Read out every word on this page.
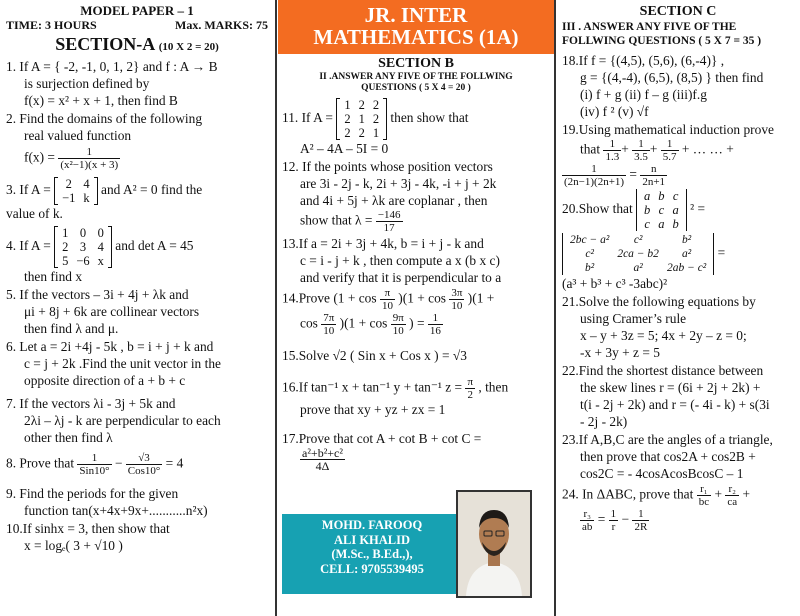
MODEL PAPER – 1
TIME: 3 HOURS	Max. MARKS: 75
SECTION-A (10 X 2 = 20)
1. If A = { -2, -1, 0, 1, 2} and f : A → B
is surjection defined by
f(x) = x² + x + 1, then find B
2. Find the domains of the following
real valued function
$f(x) = \frac{1}{\text{(x²−1)(x + 3)}}$
3. If A = 2	4
−1	k
and A² = 0 find the
value of k.
4. If A =
1	0	0
2	3	4
5	−6	x
and det A = 45
then find x
5. If the vectors – 3i + 4j + λk and
μi + 8j + 6k are collinear vectors
then find λ and μ.
6. Let a = 2i +4j - 5k , b = i + j + k and
c = j + 2k .Find the unit vector in the
opposite direction of a + b + c
7. If the vectors λi - 3j + 5k and
2λi – λj - k are perpendicular to each
other then find λ
8. Prove that $\frac{1}{\text{Sin10°}} - \frac{√3}{\text{Cos10°}} = 4$
9. Find the periods for the given
function tan(x+4x+9x+...........n²x)
10.If sinhx = 3, then show that
x = logₑ( 3 + √10 )
JR. INTER
MATHEMATICS (1A)
SECTION B
II .ANSWER ANY FIVE OF THE FOLLWING
QUESTIONS ( 5 X 4 = 20 )
11. If A =
1	2	2
2	1	2
2	2	1
then show that
A² – 4A – 5I = 0
12. If the points whose position vectors
are 3i - 2j - k, 2i + 3j - 4k, -i + j + 2k
and 4i + 5j + λk are coplanar , then
show that $\lambda = \frac{-146}{17}$
13.If a = 2i + 3j + 4k, b = i + j - k and
c = i - j + k , then compute a x (b x c)
and verify that it is perpendicular to a
14.Prove $(1 + \cos \frac{\pi}{10} )(1 + \cos \frac{3\pi}{10} )(1$ +
$\cos \frac{7\pi}{10} )(1 + \cos \frac{9\pi}{10}$ ) = $\frac{1}{16}$
15.Solve √2 ( Sin x + Cos x ) = √3
16.If tan⁻¹ x + tan⁻¹ y + tan⁻¹ $z = \frac{\pi}{2}$ , then
prove that xy + yz + zx = 1
17.Prove that cot A + cot B + cot C =
$\frac{\text{a²+b²+c²}}{4\Delta}$
MOHD. FAROOQ
ALI KHALID
(M.Sc., B.Ed.,),
CELL: 9705539495
SECTION C
III . ANSWER ANY FIVE OF THE
FOLLWING QUESTIONS ( 5 X 7 = 35 )
18.If f = {(4,5), (5,6), (6,-4)} ,
g = {(4,-4), (6,5), (8,5) } then find
(i) f + g (ii) f – g (iii)f.g
(iv) f ² (v) √f
19.Using mathematical induction prove
that $\frac{1}{1.3} + \frac{1}{3.5} + \frac{1}{5.7}$ + … … +
$\frac{1}{(2n-1)(2n+1)} = \frac{n}{2n+1}$
20.Show that
a	b	c
b	c	a
c	a	b
² =
2bc − a²	c²	b²
c²	2ca − b2	a²
b²	a²	2ab − c²
=
(a³ + b³ + c³ -3abc)²
21.Solve the following equations by
using Cramer’s rule
x – y + 3z = 5; 4x + 2y – z = 0;
-x + 3y + z = 5
22.Find the shortest distance between
the skew lines r = (6i + 2j + 2k) +
t(i - 2j + 2k) and r = (- 4i - k) + s(3i
- 2j - 2k)
23.If A,B,C are the angles of a triangle,
then prove that cos2A + cos2B +
cos2C = - 4cosAcosBcosC – 1
24. In ΔABC, prove that $\frac{\text{r₁}}{bc} + \frac{\text{r₂}}{ca}$ +
$\frac{\text{r₃}}{ab} = \frac{1}{r} - \frac{1}{2R}$
